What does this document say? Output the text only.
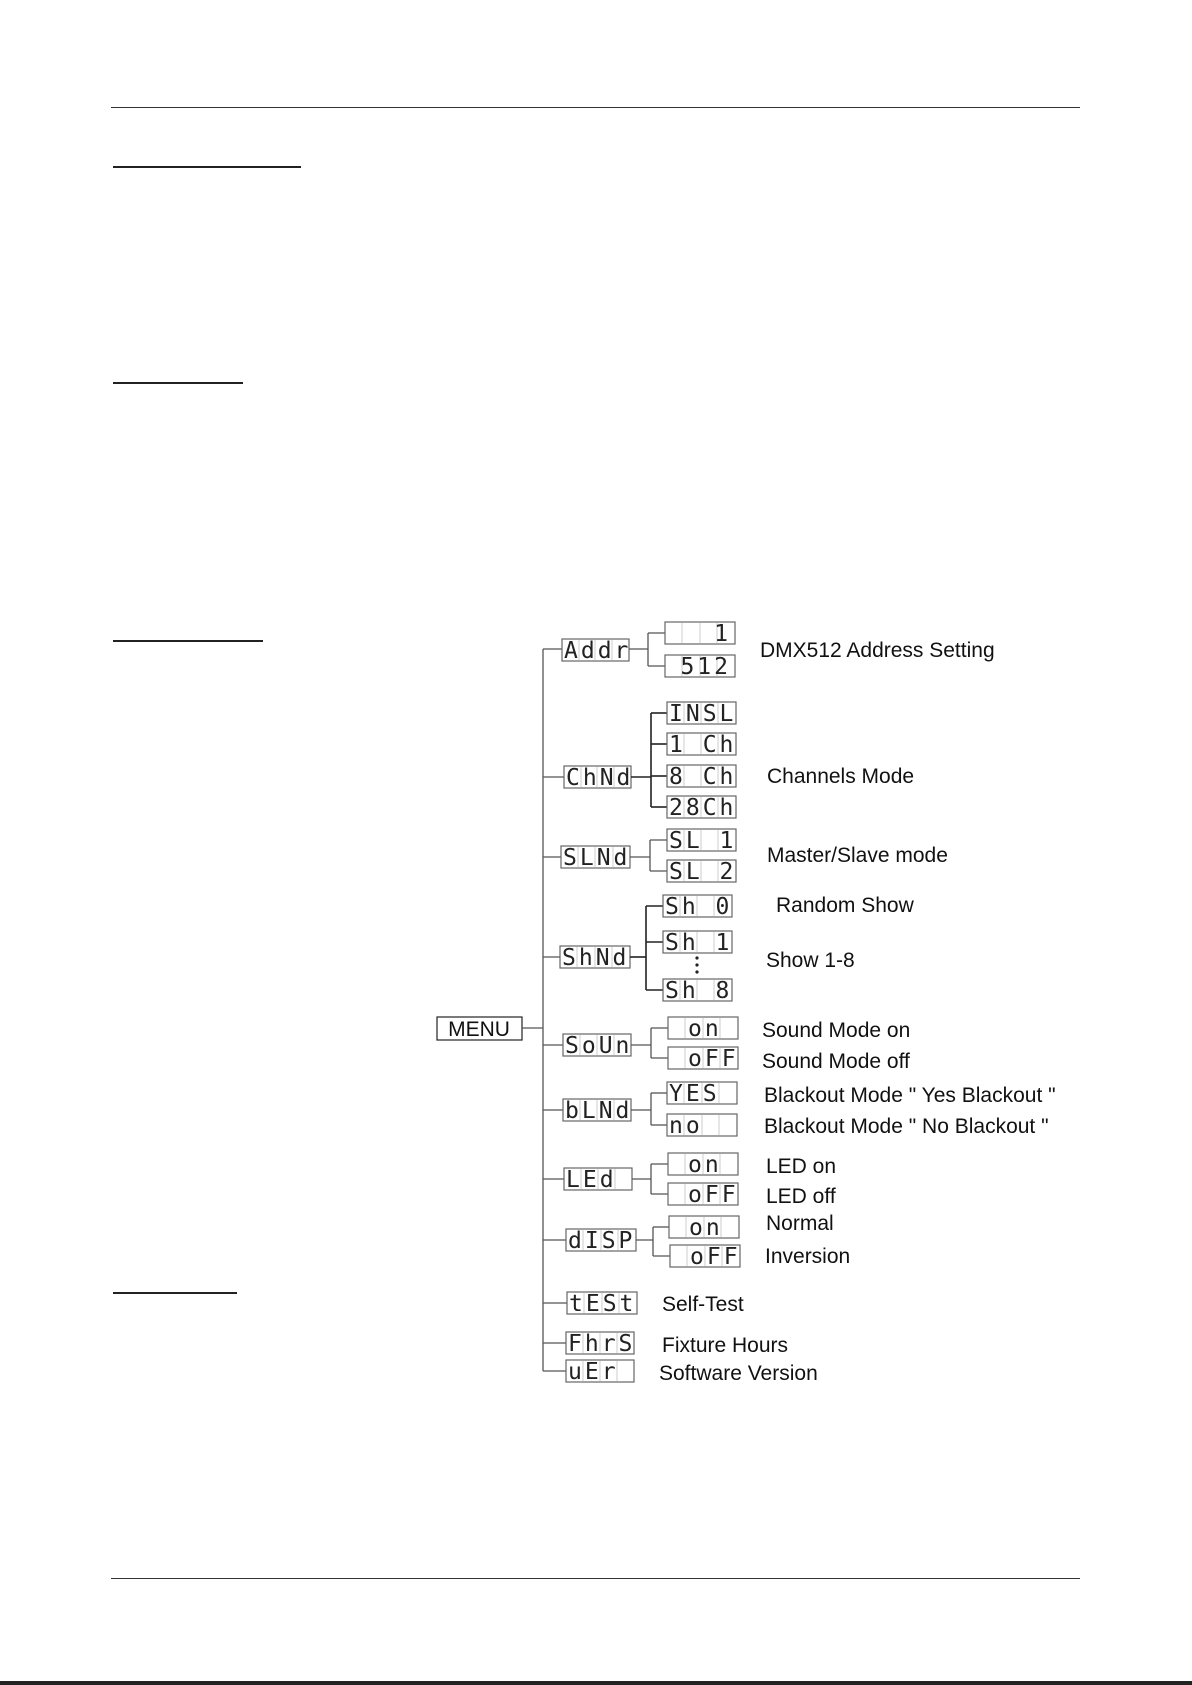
MENU
Addr
1
512
DMX512 Address Setting
ChNd
INSL
1 Ch
8 Ch
28Ch
Channels Mode
SLNd
SL 1
SL 2
Master/Slave mode
ShNd
Sh 0
Sh 1
Sh 8
Random Show
Show 1-8
SoUn
on
oFF
Sound Mode on
Sound Mode off
bLNd
YES
no
Blackout Mode " Yes Blackout "
Blackout Mode " No Blackout "
LEd
on
oFF
LED on
LED off
dISP on
oFF
Normal
Inversion
tESt Self-Test
FhrS Fixture Hours
uEr Software Version
